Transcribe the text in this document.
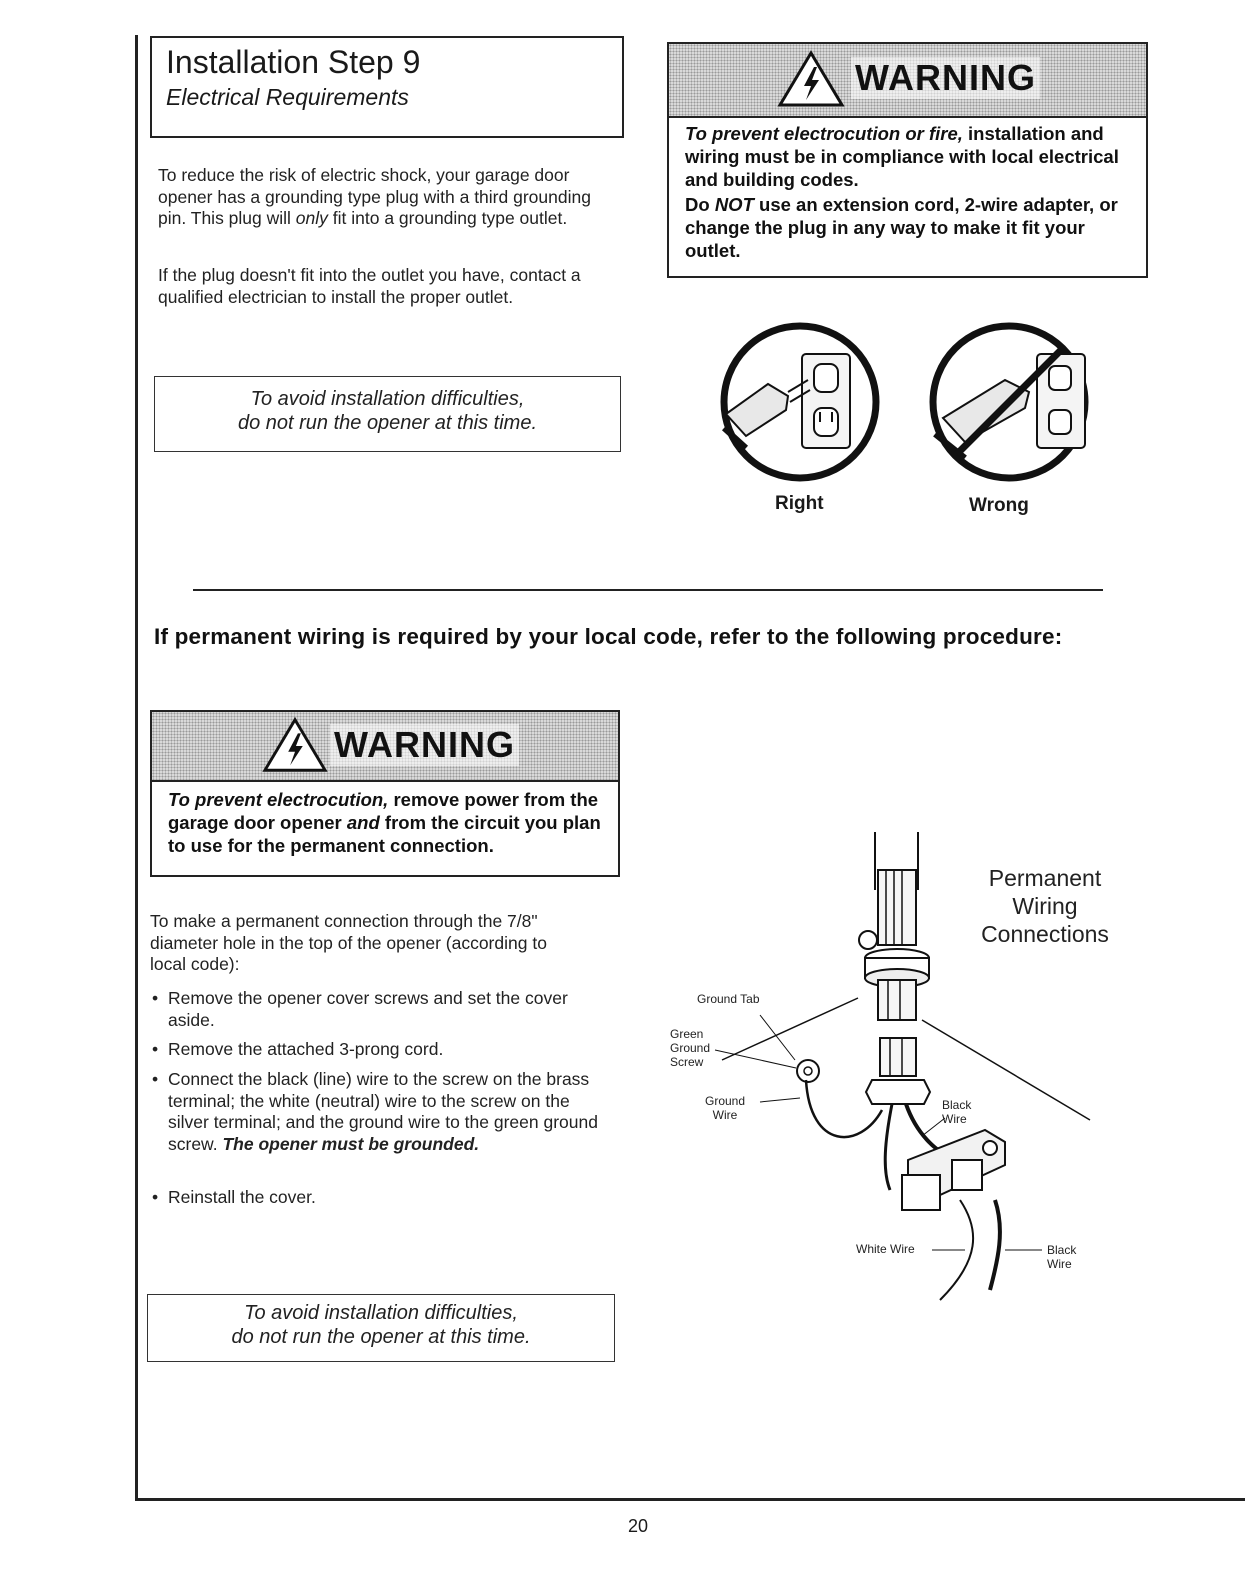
Installation Step 9
Electrical Requirements
To reduce the risk of electric shock, your garage door opener has a grounding type plug with a third grounding pin. This plug will only fit into a grounding type outlet.
If the plug doesn't fit into the outlet you have, contact a qualified electrician to install the proper outlet.
To avoid installation difficulties,
do not run the opener at this time.
WARNING
To prevent electrocution or fire, installation and wiring must be in compliance with local electrical and building codes.
Do NOT use an extension cord, 2-wire adapter, or change the plug in any way to make it fit your outlet.
Right	Wrong
If permanent wiring is required by your local code, refer to the following procedure:
WARNING
To prevent electrocution, remove power from the garage door opener and from the circuit you plan to use for the permanent connection.
To make a permanent connection through the 7/8" diameter hole in the top of the opener (according to local code):
• Remove the opener cover screws and set the cover aside.
• Remove the attached 3-prong cord.
• Connect the black (line) wire to the screw on the brass terminal; the white (neutral) wire to the screw on the silver terminal; and the ground wire to the green ground screw. The opener must be grounded.
• Reinstall the cover.
To avoid installation difficulties,
do not run the opener at this time.
Permanent
Wiring
Connections
Ground Tab
Green
Ground
Screw
Ground
Wire
Black
Wire
White Wire	Black
Wire
20
